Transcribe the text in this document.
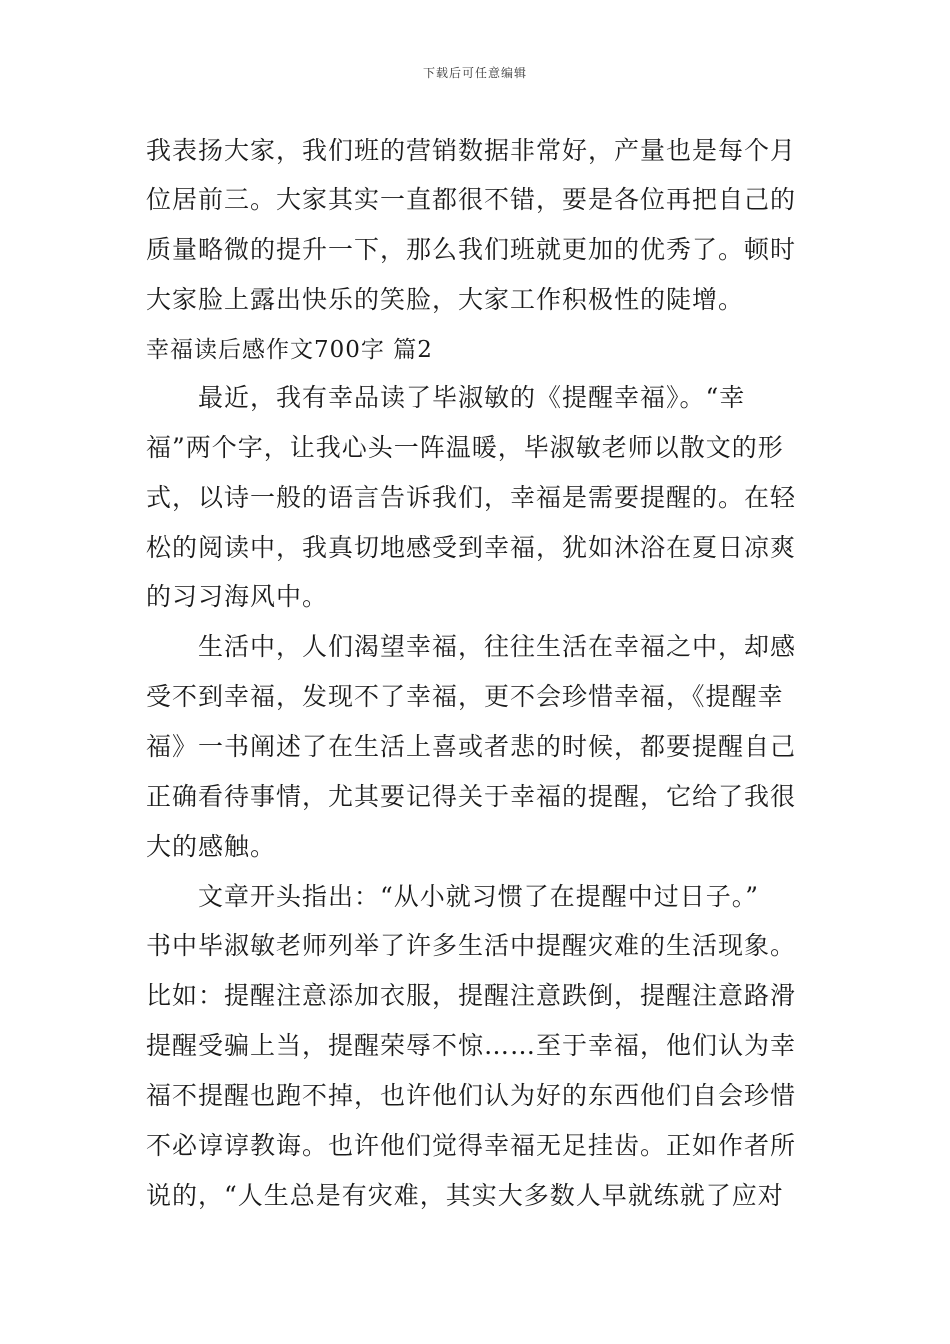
下载后可任意编辑
我表扬大家，我们班的营销数据非常好，产量也是每个月
位居前三。大家其实一直都很不错，要是各位再把自己的
质量略微的提升一下，那么我们班就更加的优秀了。顿时
大家脸上露出快乐的笑脸，大家工作积极性的陡增。
幸福读后感作文700字 篇2
　　最近，我有幸品读了毕淑敏的《提醒幸福》。“幸
福”两个字，让我心头一阵温暖，毕淑敏老师以散文的形
式，以诗一般的语言告诉我们，幸福是需要提醒的。在轻
松的阅读中，我真切地感受到幸福，犹如沐浴在夏日凉爽
的习习海风中。
　　生活中，人们渴望幸福，往往生活在幸福之中，却感
受不到幸福，发现不了幸福，更不会珍惜幸福，《提醒幸
福》一书阐述了在生活上喜或者悲的时候，都要提醒自己
正确看待事情，尤其要记得关于幸福的提醒，它给了我很
大的感触。
　　文章开头指出：“从小就习惯了在提醒中过日子。”
书中毕淑敏老师列举了许多生活中提醒灾难的生活现象。
比如：提醒注意添加衣服，提醒注意跌倒，提醒注意路滑
提醒受骗上当，提醒荣辱不惊……至于幸福，他们认为幸
福不提醒也跑不掉，也许他们认为好的东西他们自会珍惜
不必谆谆教诲。也许他们觉得幸福无足挂齿。正如作者所
说的，“人生总是有灾难，其实大多数人早就练就了应对
